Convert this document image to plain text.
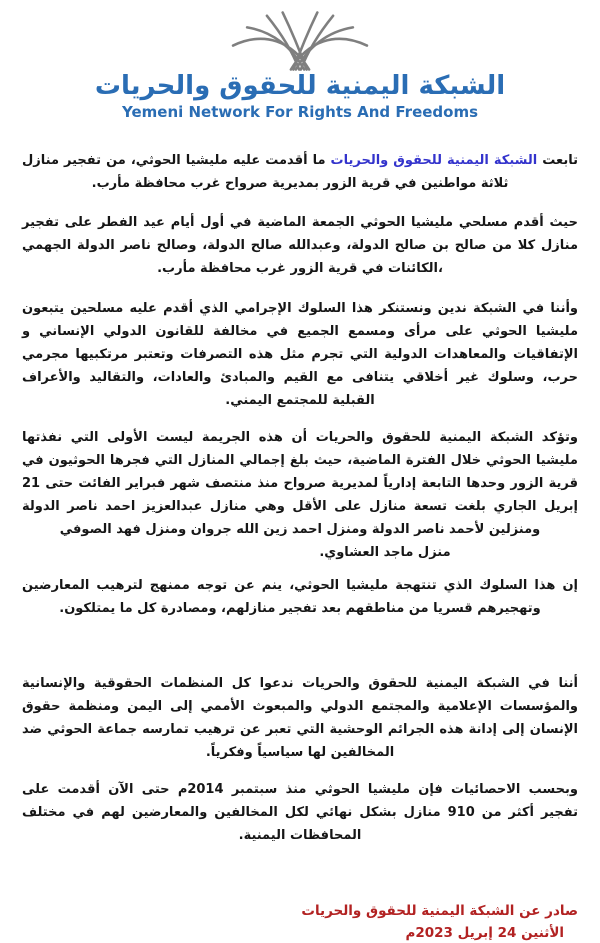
الشبكة اليمنية للحقوق والحريات
Yemeni Network For Rights And Freedoms

تابعت الشبكة اليمنية للحقوق والحريات ما أقدمت عليه مليشيا الحوثي، من تفجير منازل ثلاثة مواطنين في قرية الزور بمديرية صرواح غرب محافظة مأرب.

حيث أقدم مسلحي مليشيا الحوثي الجمعة الماضية في أول أيام عيد الفطر على تفجير منازل كلا من صالح بن صالح الدولة، وعبدالله صالح الدولة، وصالح ناصر الدولة الجهمي ،الكائنات في قرية الزور غرب محافظة مأرب.

وأننا في الشبكة ندين ونستنكر هذا السلوك الإجرامي الذي أقدم عليه مسلحين يتبعون مليشيا الحوثي على مرأى ومسمع الجميع في مخالفة للقانون الدولي الإنساني و الإتفاقيات والمعاهدات الدولية التي تجرم مثل هذه التصرفات وتعتبر مرتكبيها مجرمي حرب، وسلوك غير أخلاقي يتنافى مع القيم والمبادئ والعادات، والتقاليد والأعراف القبلية للمجتمع اليمني.

وتؤكد الشبكة اليمنية للحقوق والحريات أن هذه الجريمة ليست الأولى التي نفذتها مليشيا الحوثي خلال الفترة الماضية، حيث بلغ إجمالي المنازل التي فجرها الحوثيون في قرية الزور وحدها التابعة إدارياً لمديرية صرواح منذ منتصف شهر فبراير الفائت حتى 21 إبريل الجاري بلغت تسعة منازل على الأقل وهي منازل عبدالعزيز احمد ناصر الدولة ومنزلين لأحمد ناصر الدولة ومنزل احمد زين الله جروان ومنزل فهد الصوفي

منزل ماجد العشاوي.

إن هذا السلوك الذي تنتهجة مليشيا الحوثي، ينم عن توجه ممنهج لترهيب المعارضين وتهجيرهم قسريا من مناطقهم بعد تفجير منازلهم، ومصادرة كل ما يمتلكون.

أننا في الشبكة اليمنية للحقوق والحريات ندعوا كل المنظمات الحقوقية والإنسانية والمؤسسات الإعلامية والمجتمع الدولي والمبعوث الأممي إلى اليمن ومنظمة حقوق الإنسان إلى إدانة هذه الجرائم الوحشية التي تعبر عن ترهيب تمارسه جماعة الحوثي ضد المخالفين لها سياسياً وفكرياً.

وبحسب الاحصائيات فإن مليشيا الحوثي منذ سبتمبر 2014م حتى الآن أقدمت على تفجير أكثر من 910 منازل بشكل نهائي لكل المخالفين والمعارضين لهم في مختلف المحافظات اليمنية.

صادر عن الشبكة اليمنية للحقوق والحريات
الأثنين 24 إبريل 2023م
